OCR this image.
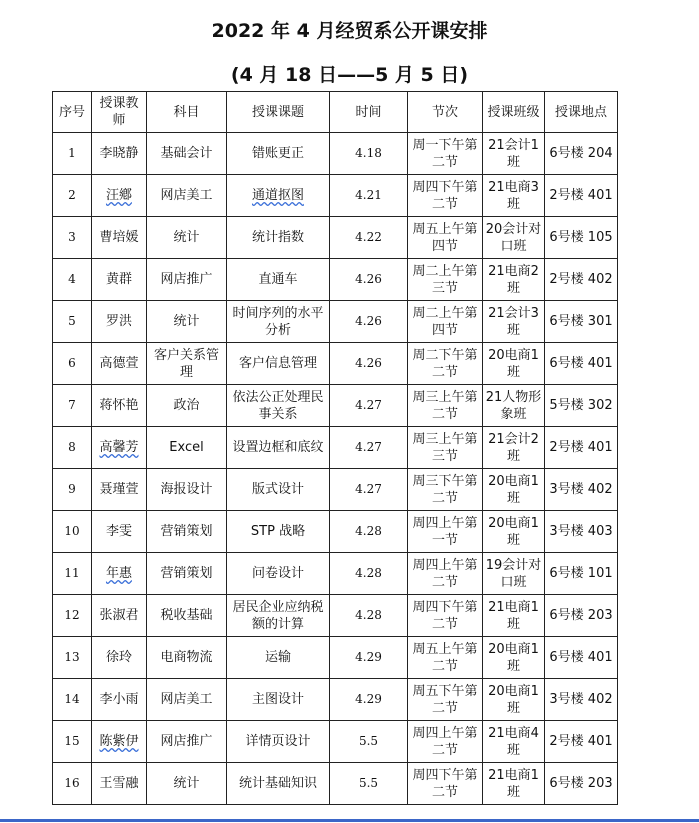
2022 年 4 月经贸系公开课安排
(4 月 18 日——5 月 5 日)
序号	授课教师	科目	授课课题	时间	节次	授课班级	授课地点
1	李晓静	基础会计	错账更正	4.18	周一下午第二节	21会计1班	6号楼 204
2	汪鄕	网店美工	通道抠图	4.21	周四下午第二节	21电商3班	2号楼 401
3	曹培媛	统计	统计指数	4.22	周五上午第四节	20会计对口班	6号楼 105
4	黄群	网店推广	直通车	4.26	周二上午第三节	21电商2班	2号楼 402
5	罗洪	统计	时间序列的水平分析	4.26	周二上午第四节	21会计3班	6号楼 301
6	高德萱	客户关系管理	客户信息管理	4.26	周二下午第二节	20电商1班	6号楼 401
7	蒋怀艳	政治	依法公正处理民事关系	4.27	周三上午第二节	21人物形象班	5号楼 302
8	高馨芳	Excel	设置边框和底纹	4.27	周三上午第三节	21会计2班	2号楼 401
9	聂瑾萱	海报设计	版式设计	4.27	周三下午第二节	20电商1班	3号楼 402
10	李雯	营销策划	STP 战略	4.28	周四上午第一节	20电商1班	3号楼 403
11	年惠	营销策划	问卷设计	4.28	周四上午第二节	19会计对口班	6号楼 101
12	张淑君	税收基础	居民企业应纳税额的计算	4.28	周四下午第二节	21电商1班	6号楼 203
13	徐玲	电商物流	运输	4.29	周五上午第二节	20电商1班	6号楼 401
14	李小雨	网店美工	主图设计	4.29	周五下午第二节	20电商1班	3号楼 402
15	陈紫伊	网店推广	详情页设计	5.5	周四上午第二节	21电商4班	2号楼 401
16	王雪融	统计	统计基础知识	5.5	周四下午第二节	21电商1班	6号楼 203
